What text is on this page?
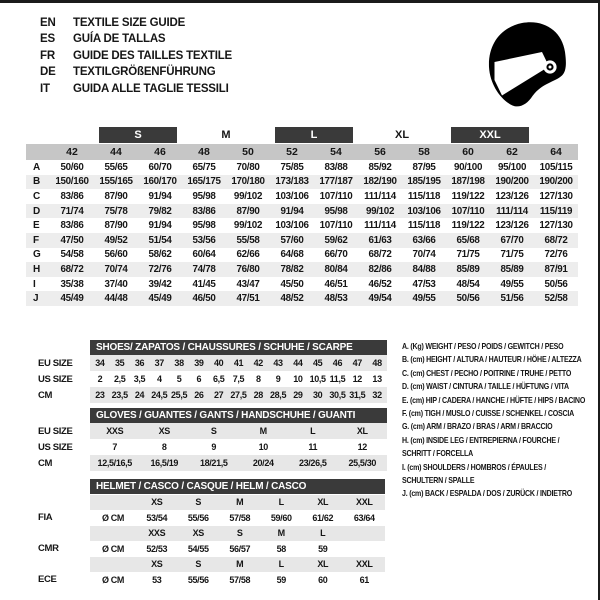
EN	TEXTILE SIZE GUIDE
ES	GUÍA DE TALLAS
FR	GUIDE DES TAILLES TEXTILE
DE	TEXTILGRÖßENFÜHRUNG
IT	GUIDA ALLE TAGLIE TESSILI

		S		M		L		XL		XXL		

	42	44	46	48	50	52	54	56	58	60	62	64
A	50/60	55/65	60/70	65/75	70/80	75/85	83/88	85/92	87/95	90/100	95/100	105/115
B	150/160	155/165	160/170	165/175	170/180	173/183	177/187	182/190	185/195	187/198	190/200	190/200
C	83/86	87/90	91/94	95/98	99/102	103/106	107/110	111/114	115/118	119/122	123/126	127/130
D	71/74	75/78	79/82	83/86	87/90	91/94	95/98	99/102	103/106	107/110	111/114	115/119
E	83/86	87/90	91/94	95/98	99/102	103/106	107/110	111/114	115/118	119/122	123/126	127/130
F	47/50	49/52	51/54	53/56	55/58	57/60	59/62	61/63	63/66	65/68	67/70	68/72
G	54/58	56/60	58/62	60/64	62/66	64/68	66/70	68/72	70/74	71/75	71/75	72/76
H	68/72	70/74	72/76	74/78	76/80	78/82	80/84	82/86	84/88	85/89	85/89	87/91
I	35/38	37/40	39/42	41/45	43/47	45/50	46/51	46/52	47/53	48/54	49/55	50/56
J	45/49	44/48	45/49	46/50	47/51	48/52	48/53	49/54	49/55	50/56	51/56	52/58

	SHOES/ ZAPATOS / CHAUSSURES / SCHUHE / SCARPE														

EU SIZE	34	35	36	37	38	39	40	41	42	43	44	45	46	47	48
US SIZE	2	2,5	3,5	4	5	6	6,5	7,5	8	9	10	10,5	11,5	12	13
CM	23	23,5	24	24,5	25,5	26	27	27,5	28	28,5	29	30	30,5	31,5	32

	GLOVES / GUANTES / GANTS / HANDSCHUHE / GUANTI					

EU SIZE	XXS	XS	S	M	L	XL
US SIZE	7	8	9	10	11	12
CM	12,5/16,5	16,5/19	18/21,5	20/24	23/26,5	25,5/30

	HELMET / CASCO / CASQUE / HELM / CASCO						

		XS	S	M	L	XL	XXL
FIA	Ø CM	53/54	55/56	57/58	59/60	61/62	63/64
		XXS	XS	S	M	L	
CMR	Ø CM	52/53	54/55	56/57	58	59	
		XS	S	M	L	XL	XXL
ECE	Ø CM	53	55/56	57/58	59	60	61
A. (Kg) WEIGHT / PESO / POIDS / GEWITCH / PESO
B. (cm) HEIGHT / ALTURA / HAUTEUR / HÖHE / ALTEZZA
C. (cm) CHEST / PECHO / POITRINE / TRUHE / PETTO
D. (cm) WAIST / CINTURA / TAILLE / HÜFTUNG / VITA
E. (cm) HIP / CADERA / HANCHE / HÜFTE / HIPS / BACINO
F. (cm) TIGH / MUSLO / CUISSE / SCHENKEL / COSCIA
G. (cm) ARM / BRAZO / BRAS / ARM / BRACCIO
H. (cm) INSIDE LEG / ENTREPIERNA / FOURCHE /
SCHRITT / FORCELLA
I. (cm) SHOULDERS / HOMBROS / ÉPAULES /
SCHULTERN / SPALLE
J. (cm) BACK / ESPALDA / DOS / ZURÜCK / INDIETRO
